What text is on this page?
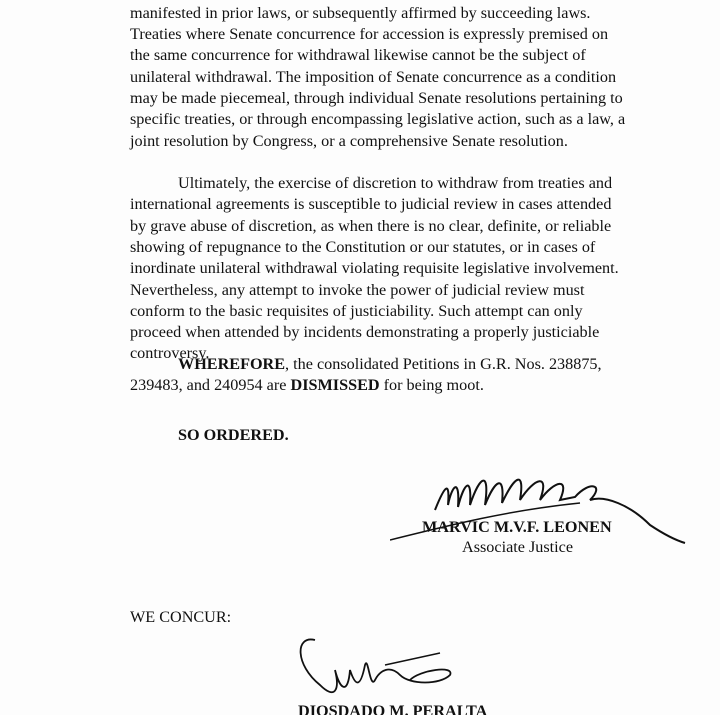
manifested in prior laws, or subsequently affirmed by succeeding laws.
Treaties where Senate concurrence for accession is expressly premised on
the same concurrence for withdrawal likewise cannot be the subject of
unilateral withdrawal. The imposition of Senate concurrence as a condition
may be made piecemeal, through individual Senate resolutions pertaining to
specific treaties, or through encompassing legislative action, such as a law, a
joint resolution by Congress, or a comprehensive Senate resolution.
Ultimately, the exercise of discretion to withdraw from treaties and
international agreements is susceptible to judicial review in cases attended
by grave abuse of discretion, as when there is no clear, definite, or reliable
showing of repugnance to the Constitution or our statutes, or in cases of
inordinate unilateral withdrawal violating requisite legislative involvement.
Nevertheless, any attempt to invoke the power of judicial review must
conform to the basic requisites of justiciability. Such attempt can only
proceed when attended by incidents demonstrating a properly justiciable
controversy.
WHEREFORE, the consolidated Petitions in G.R. Nos. 238875,
239483, and 240954 are DISMISSED for being moot.
SO ORDERED.
MARVIC M.V.F. LEONEN
Associate Justice
WE CONCUR:
DIOSDADO M. PERALTA
